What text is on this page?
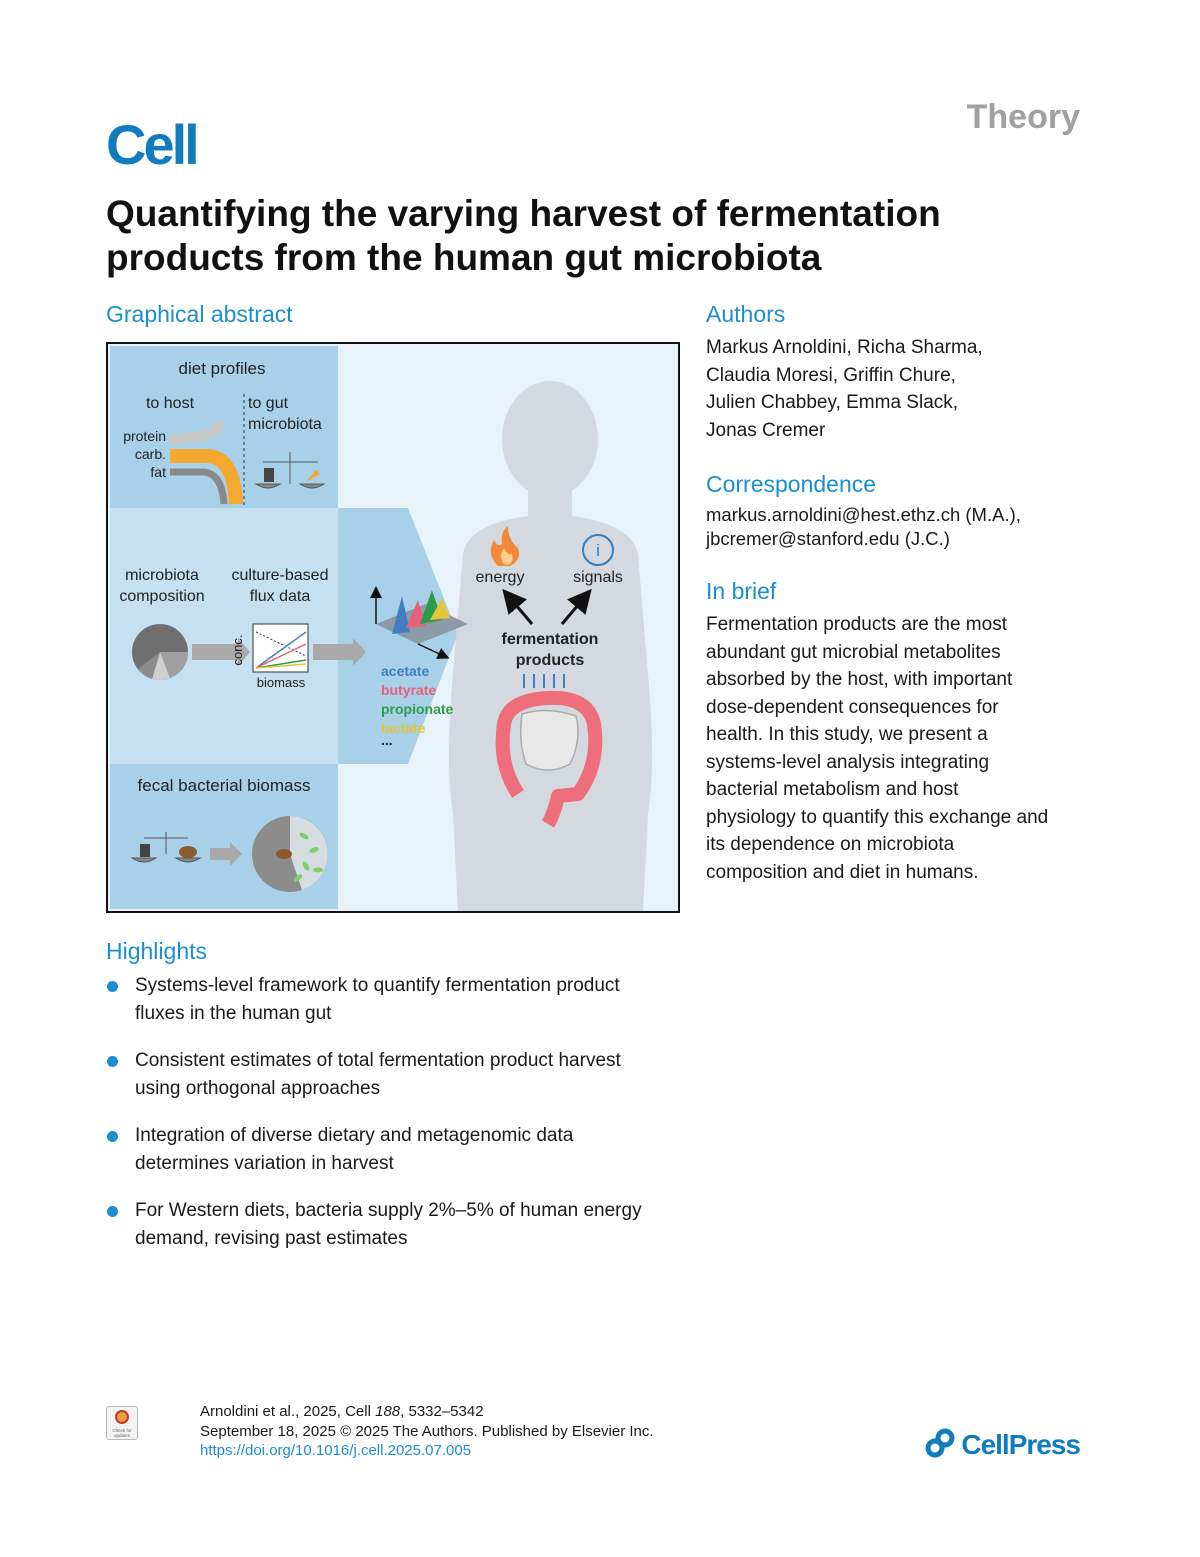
Cell	Theory
Quantifying the varying harvest of fermentation products from the human gut microbiota
Graphical abstract
diet profiles
to host	to gut
microbiota
protein
carb.
fat
microbiota
composition
culture-based
flux data
conc.
biomass
acetate
butyrate
propionate
lactate
...
energy
i
signals
fermentation
products
fecal bacterial biomass
Authors
Markus Arnoldini, Richa Sharma,
Claudia Moresi, Griffin Chure,
Julien Chabbey, Emma Slack,
Jonas Cremer
Correspondence
markus.arnoldini@hest.ethz.ch (M.A.),
jbcremer@stanford.edu (J.C.)
In brief
Fermentation products are the most
abundant gut microbial metabolites
absorbed by the host, with important
dose-dependent consequences for
health. In this study, we present a
systems-level analysis integrating
bacterial metabolism and host
physiology to quantify this exchange and
its dependence on microbiota
composition and diet in humans.
Highlights
Systems-level framework to quantify fermentation product
fluxes in the human gut
Consistent estimates of total fermentation product harvest
using orthogonal approaches
Integration of diverse dietary and metagenomic data
determines variation in harvest
For Western diets, bacteria supply 2%–5% of human energy
demand, revising past estimates
Check for
updates
Arnoldini et al., 2025, Cell 188, 5332–5342
September 18, 2025 © 2025 The Authors. Published by Elsevier Inc.
https://doi.org/10.1016/j.cell.2025.07.005	CellPress
